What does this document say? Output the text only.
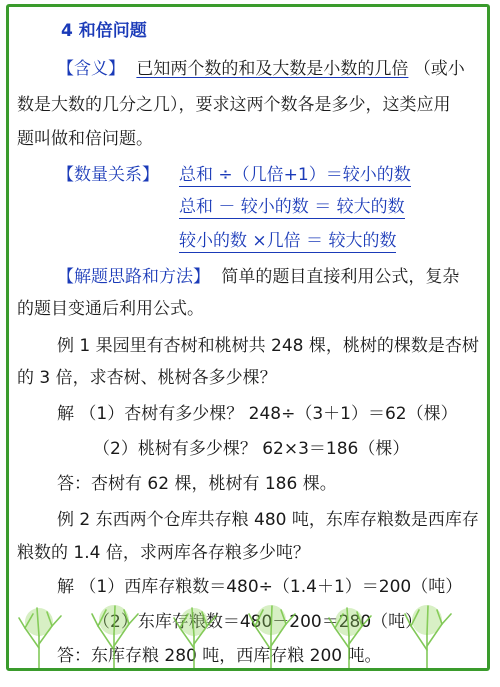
4 和倍问题
【含义】 已知两个数的和及大数是小数的几倍 （或小
数是大数的几分之几），要求这两个数各是多少，这类应用
题叫做和倍问题。
【数量关系】 总和 ÷（几倍+1）＝较小的数
总和 － 较小的数 ＝ 较大的数
较小的数 ×几倍 ＝ 较大的数
【解题思路和方法】 简单的题目直接利用公式，复杂
的题目变通后利用公式。
例 1 果园里有杏树和桃树共 248 棵，桃树的棵数是杏树
的 3 倍，求杏树、桃树各多少棵？
解 （1）杏树有多少棵？ 248÷（3＋1）＝62（棵）
（2）桃树有多少棵？ 62×3＝186（棵）
答：杏树有 62 棵，桃树有 186 棵。
例 2 东西两个仓库共存粮 480 吨，东库存粮数是西库存
粮数的 1.4 倍，求两库各存粮多少吨？
解 （1）西库存粮数＝480÷（1.4＋1）＝200（吨）
（2）东库存粮数＝480－200＝280（吨）
答：东库存粮 280 吨，西库存粮 200 吨。
